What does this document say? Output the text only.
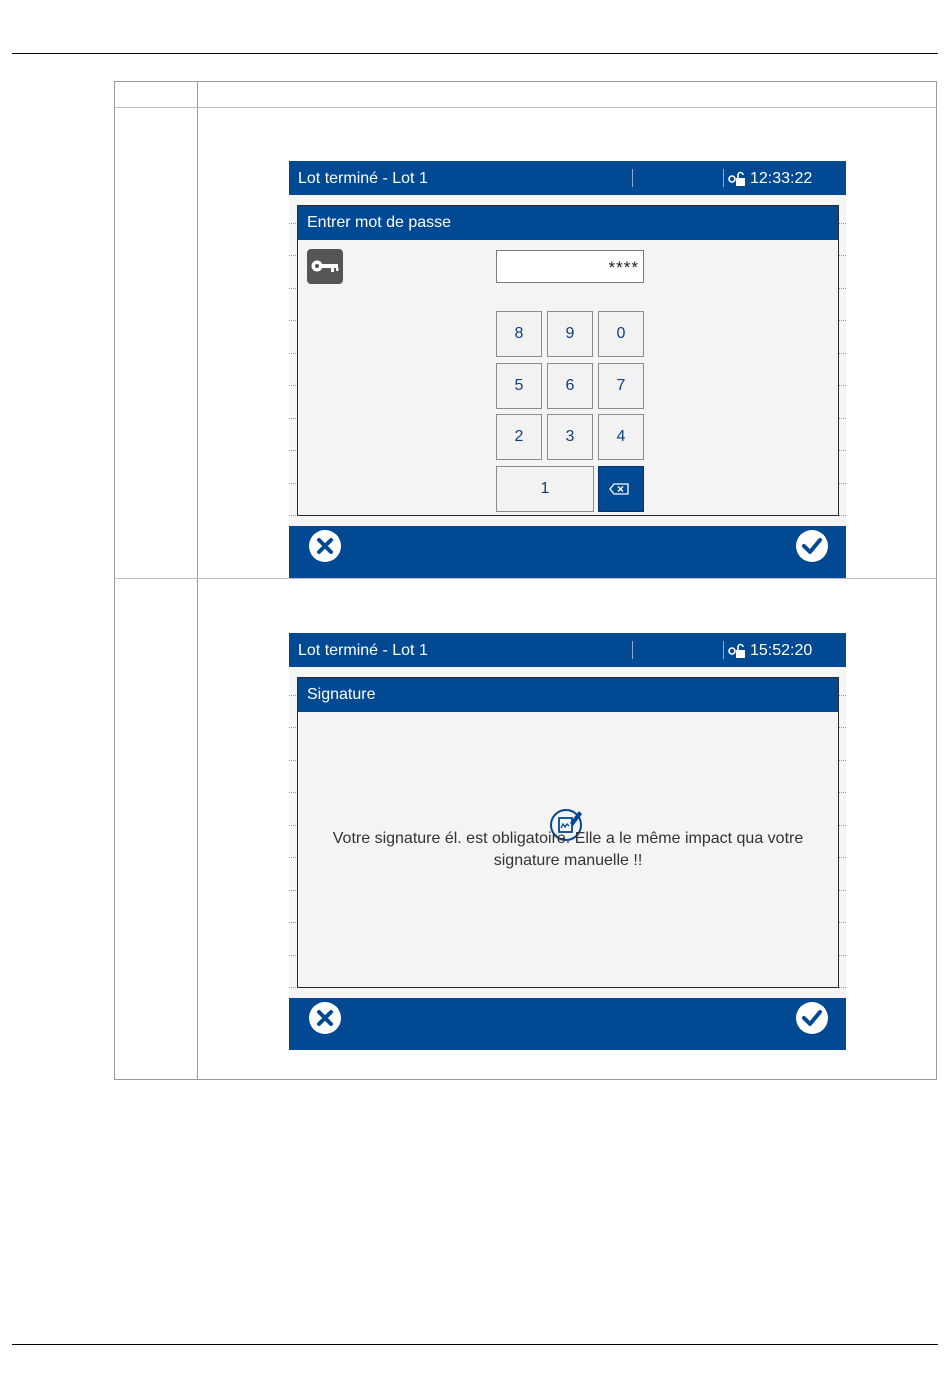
Lot terminé - Lot 1	12:33:22
Entrer mot de passe
****
8	9	0
5	6	7
2	3	4
1
Lot terminé - Lot 1	15:52:20
Signature
Votre signature él. est obligatoire. Elle a le même impact qua votre signature manuelle !!
